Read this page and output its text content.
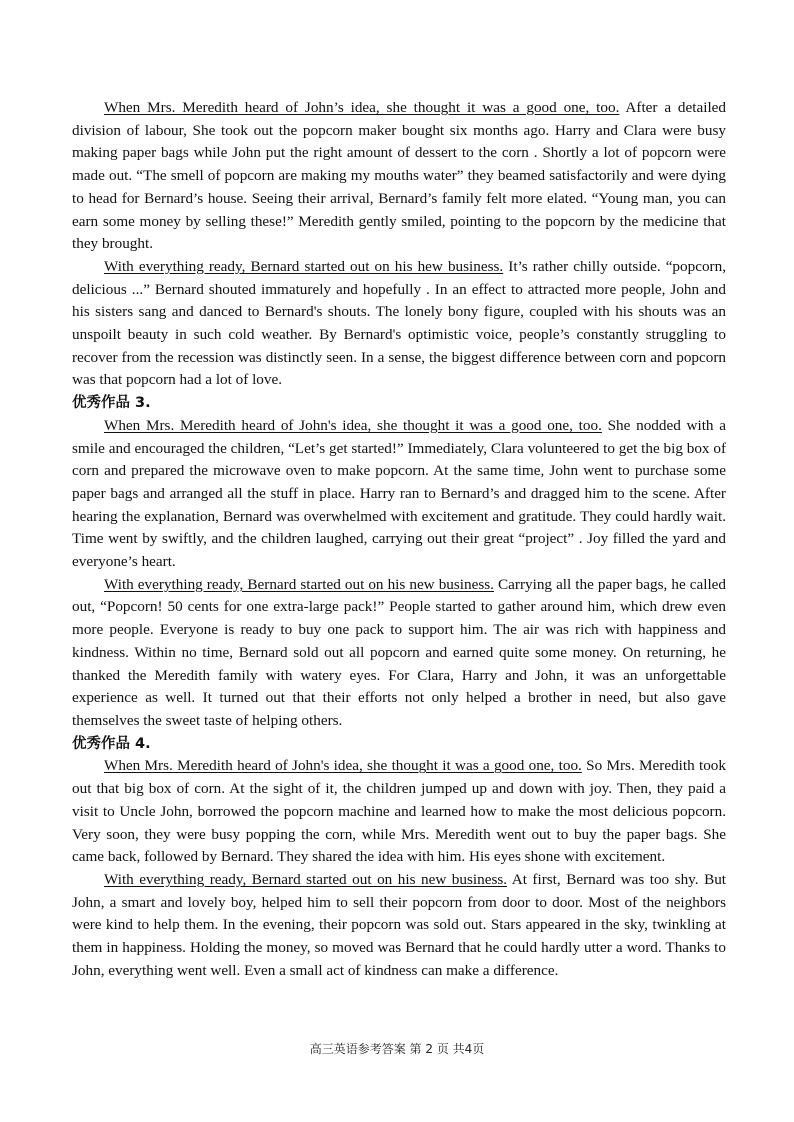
When Mrs. Meredith heard of John’s idea, she thought it was a good one, too. After a detailed division of labour, She took out the popcorn maker bought six months ago. Harry and Clara were busy making paper bags while John put the right amount of dessert to the corn . Shortly a lot of popcorn were made out. “The smell of popcorn are making my mouths water” they beamed satisfactorily and were dying to head for Bernard’s house. Seeing their arrival, Bernard’s family felt more elated. “Young man, you can earn some money by selling these!” Meredith gently smiled, pointing to the popcorn by the medicine that they brought.

With everything ready, Bernard started out on his hew business. It’s rather chilly outside. “popcorn, delicious ...” Bernard shouted immaturely and hopefully . In an effect to attracted more people, John and his sisters sang and danced to Bernard's shouts. The lonely bony figure, coupled with his shouts was an unspoilt beauty in such cold weather. By Bernard's optimistic voice, people’s constantly struggling to recover from the recession was distinctly seen. In a sense, the biggest difference between corn and popcorn was that popcorn had a lot of love.

优秀作品 3.

When Mrs. Meredith heard of John's idea, she thought it was a good one, too. She nodded with a smile and encouraged the children, “Let’s get started!” Immediately, Clara volunteered to get the big box of corn and prepared the microwave oven to make popcorn. At the same time, John went to purchase some paper bags and arranged all the stuff in place. Harry ran to Bernard’s and dragged him to the scene. After hearing the explanation, Bernard was overwhelmed with excitement and gratitude. They could hardly wait. Time went by swiftly, and the children laughed, carrying out their great “project” . Joy filled the yard and everyone’s heart.

With everything ready, Bernard started out on his new business. Carrying all the paper bags, he called out, “Popcorn! 50 cents for one extra-large pack!” People started to gather around him, which drew even more people. Everyone is ready to buy one pack to support him. The air was rich with happiness and kindness. Within no time, Bernard sold out all popcorn and earned quite some money. On returning, he thanked the Meredith family with watery eyes. For Clara, Harry and John, it was an unforgettable experience as well. It turned out that their efforts not only helped a brother in need, but also gave themselves the sweet taste of helping others.

优秀作品 4.

When Mrs. Meredith heard of John's idea, she thought it was a good one, too. So Mrs. Meredith took out that big box of corn. At the sight of it, the children jumped up and down with joy. Then, they paid a visit to Uncle John, borrowed the popcorn machine and learned how to make the most delicious popcorn. Very soon, they were busy popping the corn, while Mrs. Meredith went out to buy the paper bags. She came back, followed by Bernard. They shared the idea with him. His eyes shone with excitement.

With everything ready, Bernard started out on his new business. At first, Bernard was too shy. But John, a smart and lovely boy, helped him to sell their popcorn from door to door. Most of the neighbors were kind to help them. In the evening, their popcorn was sold out. Stars appeared in the sky, twinkling at them in happiness. Holding the money, so moved was Bernard that he could hardly utter a word. Thanks to John, everything went well. Even a small act of kindness can make a difference.

高三英语参考答案 第 2 页 共4页
